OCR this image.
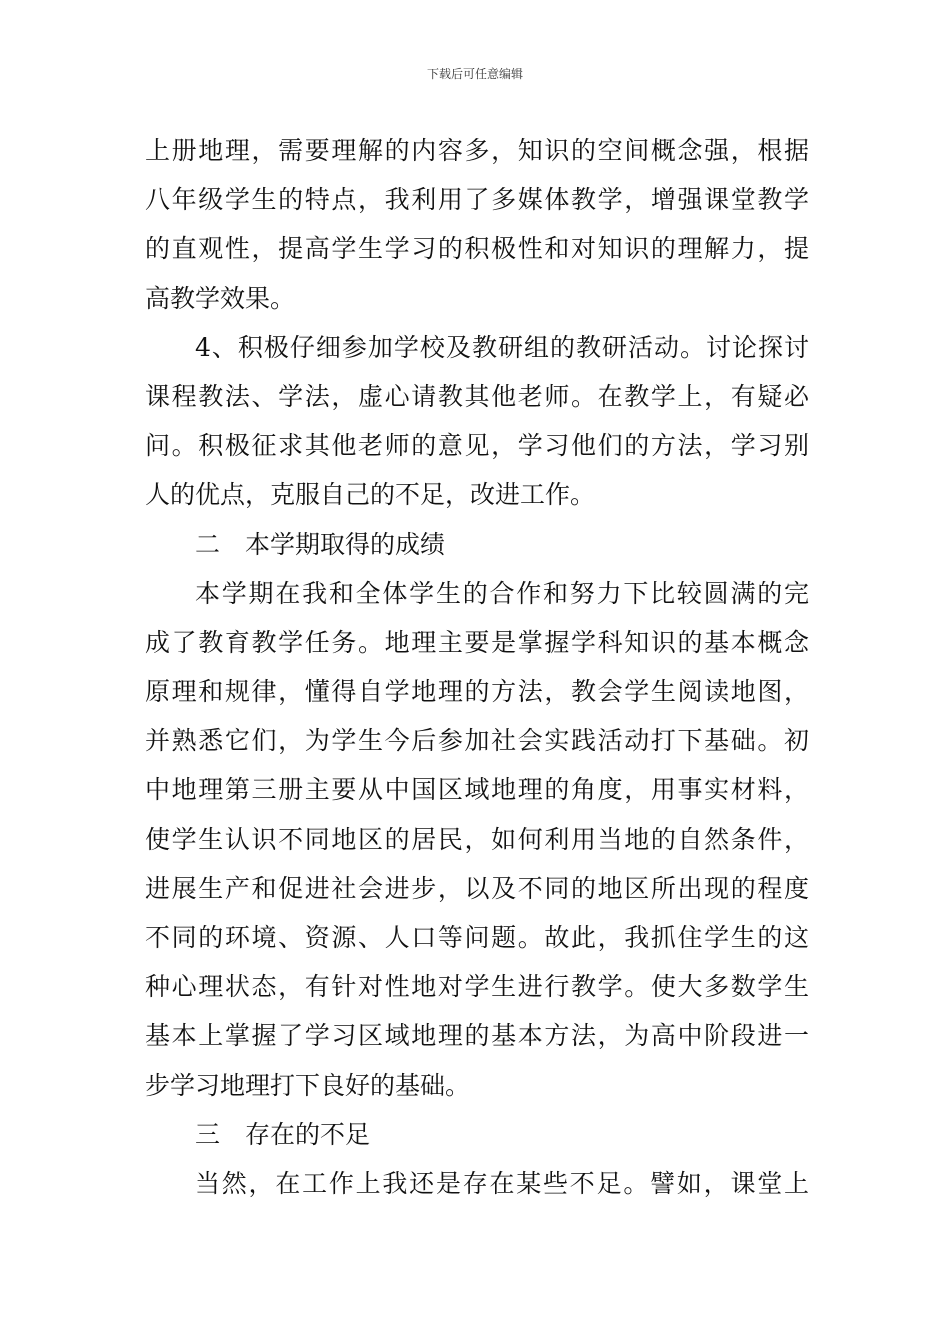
下载后可任意编辑
上册地理，需要理解的内容多，知识的空间概念强，根据
八年级学生的特点，我利用了多媒体教学，增强课堂教学
的直观性，提高学生学习的积极性和对知识的理解力，提
高教学效果。
4、积极仔细参加学校及教研组的教研活动。讨论探讨
课程教法、学法，虚心请教其他老师。在教学上，有疑必
问。积极征求其他老师的意见，学习他们的方法，学习别
人的优点，克服自己的不足，改进工作。
二　本学期取得的成绩
本学期在我和全体学生的合作和努力下比较圆满的完
成了教育教学任务。地理主要是掌握学科知识的基本概念
原理和规律，懂得自学地理的方法，教会学生阅读地图，
并熟悉它们，为学生今后参加社会实践活动打下基础。初
中地理第三册主要从中国区域地理的角度，用事实材料，
使学生认识不同地区的居民，如何利用当地的自然条件，
进展生产和促进社会进步，以及不同的地区所出现的程度
不同的环境、资源、人口等问题。故此，我抓住学生的这
种心理状态，有针对性地对学生进行教学。使大多数学生
基本上掌握了学习区域地理的基本方法，为高中阶段进一
步学习地理打下良好的基础。
三　存在的不足
当然，在工作上我还是存在某些不足。譬如，课堂上
